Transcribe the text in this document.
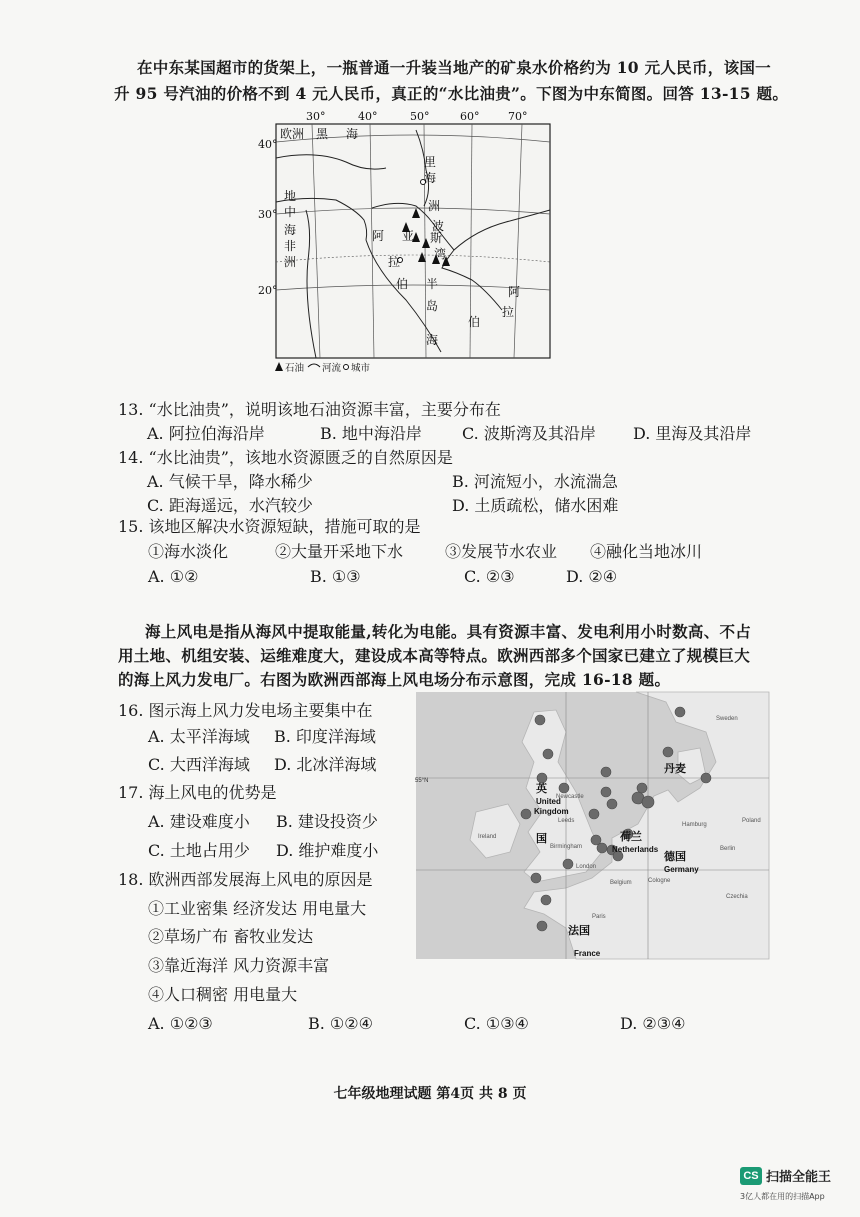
在中东某国超市的货架上，一瓶普通一升装当地产的矿泉水价格约为 10 元人民币，该国一
升 95 号汽油的价格不到 4 元人民币，真正的“水比油贵”。下图为中东简图。回答 13-15 题。
30°	40°	50°	60°	70°
40°
30°
20°
欧洲 黑 海
里
海
地
中
海
非
洲
阿 亚
拉
伯
洲
波
斯
湾
半
岛
阿
拉
伯
海
石油 河流 城市
13. “水比油贵”，说明该地石油资源丰富，主要分布在
A. 阿拉伯海沿岸	B. 地中海沿岸	C. 波斯湾及其沿岸 D. 里海及其沿岸
14. “水比油贵”，该地水资源匮乏的自然原因是
A. 气候干旱，降水稀少	B. 河流短小，水流湍急
C. 距海遥远，水汽较少	D. 土质疏松，储水困难
15. 该地区解决水资源短缺，措施可取的是
①海水淡化	②大量开采地下水	③发展节水农业 ④融化当地冰川
A. ①②	B. ①③	C. ②③	D. ②④
海上风电是指从海风中提取能量,转化为电能。具有资源丰富、发电利用小时数高、不占
用土地、机组安装、运维难度大，建设成本高等特点。欧洲西部多个国家已建立了规模巨大
的海上风力发电厂。右图为欧洲西部海上风电场分布示意图，完成 16-18 题。
16. 图示海上风力发电场主要集中在
A. 太平洋海域 B. 印度洋海域
C. 大西洋海域 D. 北冰洋海域
17. 海上风电的优势是
A. 建设难度小 B. 建设投资少
C. 土地占用少 D. 维护难度小
18. 欧洲西部发展海上风电的原因是
①工业密集 经济发达 用电量大
②草场广布 畜牧业发达
③靠近海洋 风力资源丰富
④人口稠密 用电量大
A. ①②③	B. ①②④	C. ①③④	D. ②③④
55°N
英
国
丹麦
荷兰
德国
法国
United
Kingdom
Netherlands
Germany
France
Ireland
Newcastle
Leeds
Birmingham
London
Hamburg
Berlin
Belgium	Cologne
Paris
Czechia
Sweden
Poland
七年级地理试题 第4页 共 8 页
CS 扫描全能王
3亿人都在用的扫描App
